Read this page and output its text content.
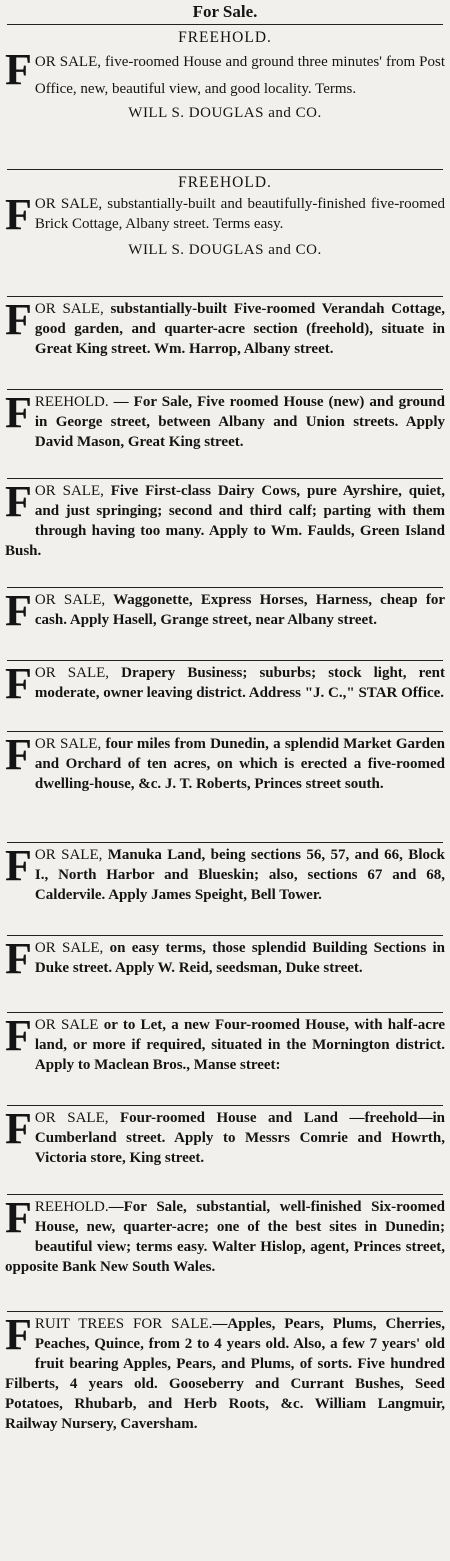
For Sale.
FREEHOLD.
F OR SALE, five-roomed House and ground three minutes' from Post Office, new, beautiful view, and good locality. Terms.
WILL S. DOUGLAS and CO.
FREEHOLD.
F OR SALE, substantially-built and beautifully-finished five-roomed Brick Cottage, Albany street. Terms easy.
WILL S. DOUGLAS and CO.
F OR SALE, substantially-built Five-roomed Verandah Cottage, good garden, and quarter-acre section (freehold), situate in Great King street. Wm. Harrop, Albany street.
F REEHOLD. — For Sale, Five roomed House (new) and ground in George street, between Albany and Union streets. Apply David Mason, Great King street.
F OR SALE, Five First-class Dairy Cows, pure Ayrshire, quiet, and just springing; second and third calf; parting with them through having too many. Apply to Wm. Faulds, Green Island Bush.
F OR SALE, Waggonette, Express Horses, Harness, cheap for cash. Apply Hasell, Grange street, near Albany street.
F OR SALE, Drapery Business; suburbs; stock light, rent moderate, owner leaving district. Address "J. C.," STAR Office.
F OR SALE, four miles from Dunedin, a splendid Market Garden and Orchard of ten acres, on which is erected a five-roomed dwelling-house, &c. J. T. Roberts, Princes street south.
F OR SALE, Manuka Land, being sections 56, 57, and 66, Block I., North Harbor and Blueskin; also, sections 67 and 68, Caldervile. Apply James Speight, Bell Tower.
F OR SALE, on easy terms, those splendid Building Sections in Duke street. Apply W. Reid, seedsman, Duke street.
F OR SALE or to Let, a new Four-roomed House, with half-acre land, or more if required, situated in the Mornington district. Apply to Maclean Bros., Manse street:
F OR SALE, Four-roomed House and Land —freehold—in Cumberland street. Apply to Messrs Comrie and Howrth, Victoria store, King street.
F REEHOLD.—For Sale, substantial, well-finished Six-roomed House, new, quarter-acre; one of the best sites in Dunedin; beautiful view; terms easy. Walter Hislop, agent, Princes street, opposite Bank New South Wales.
F RUIT TREES FOR SALE.—Apples, Pears, Plums, Cherries, Peaches, Quince, from 2 to 4 years old. Also, a few 7 years' old fruit bearing Apples, Pears, and Plums, of sorts. Five hundred Filberts, 4 years old. Gooseberry and Currant Bushes, Seed Potatoes, Rhubarb, and Herb Roots, &c. William Langmuir, Railway Nursery, Caversham.
